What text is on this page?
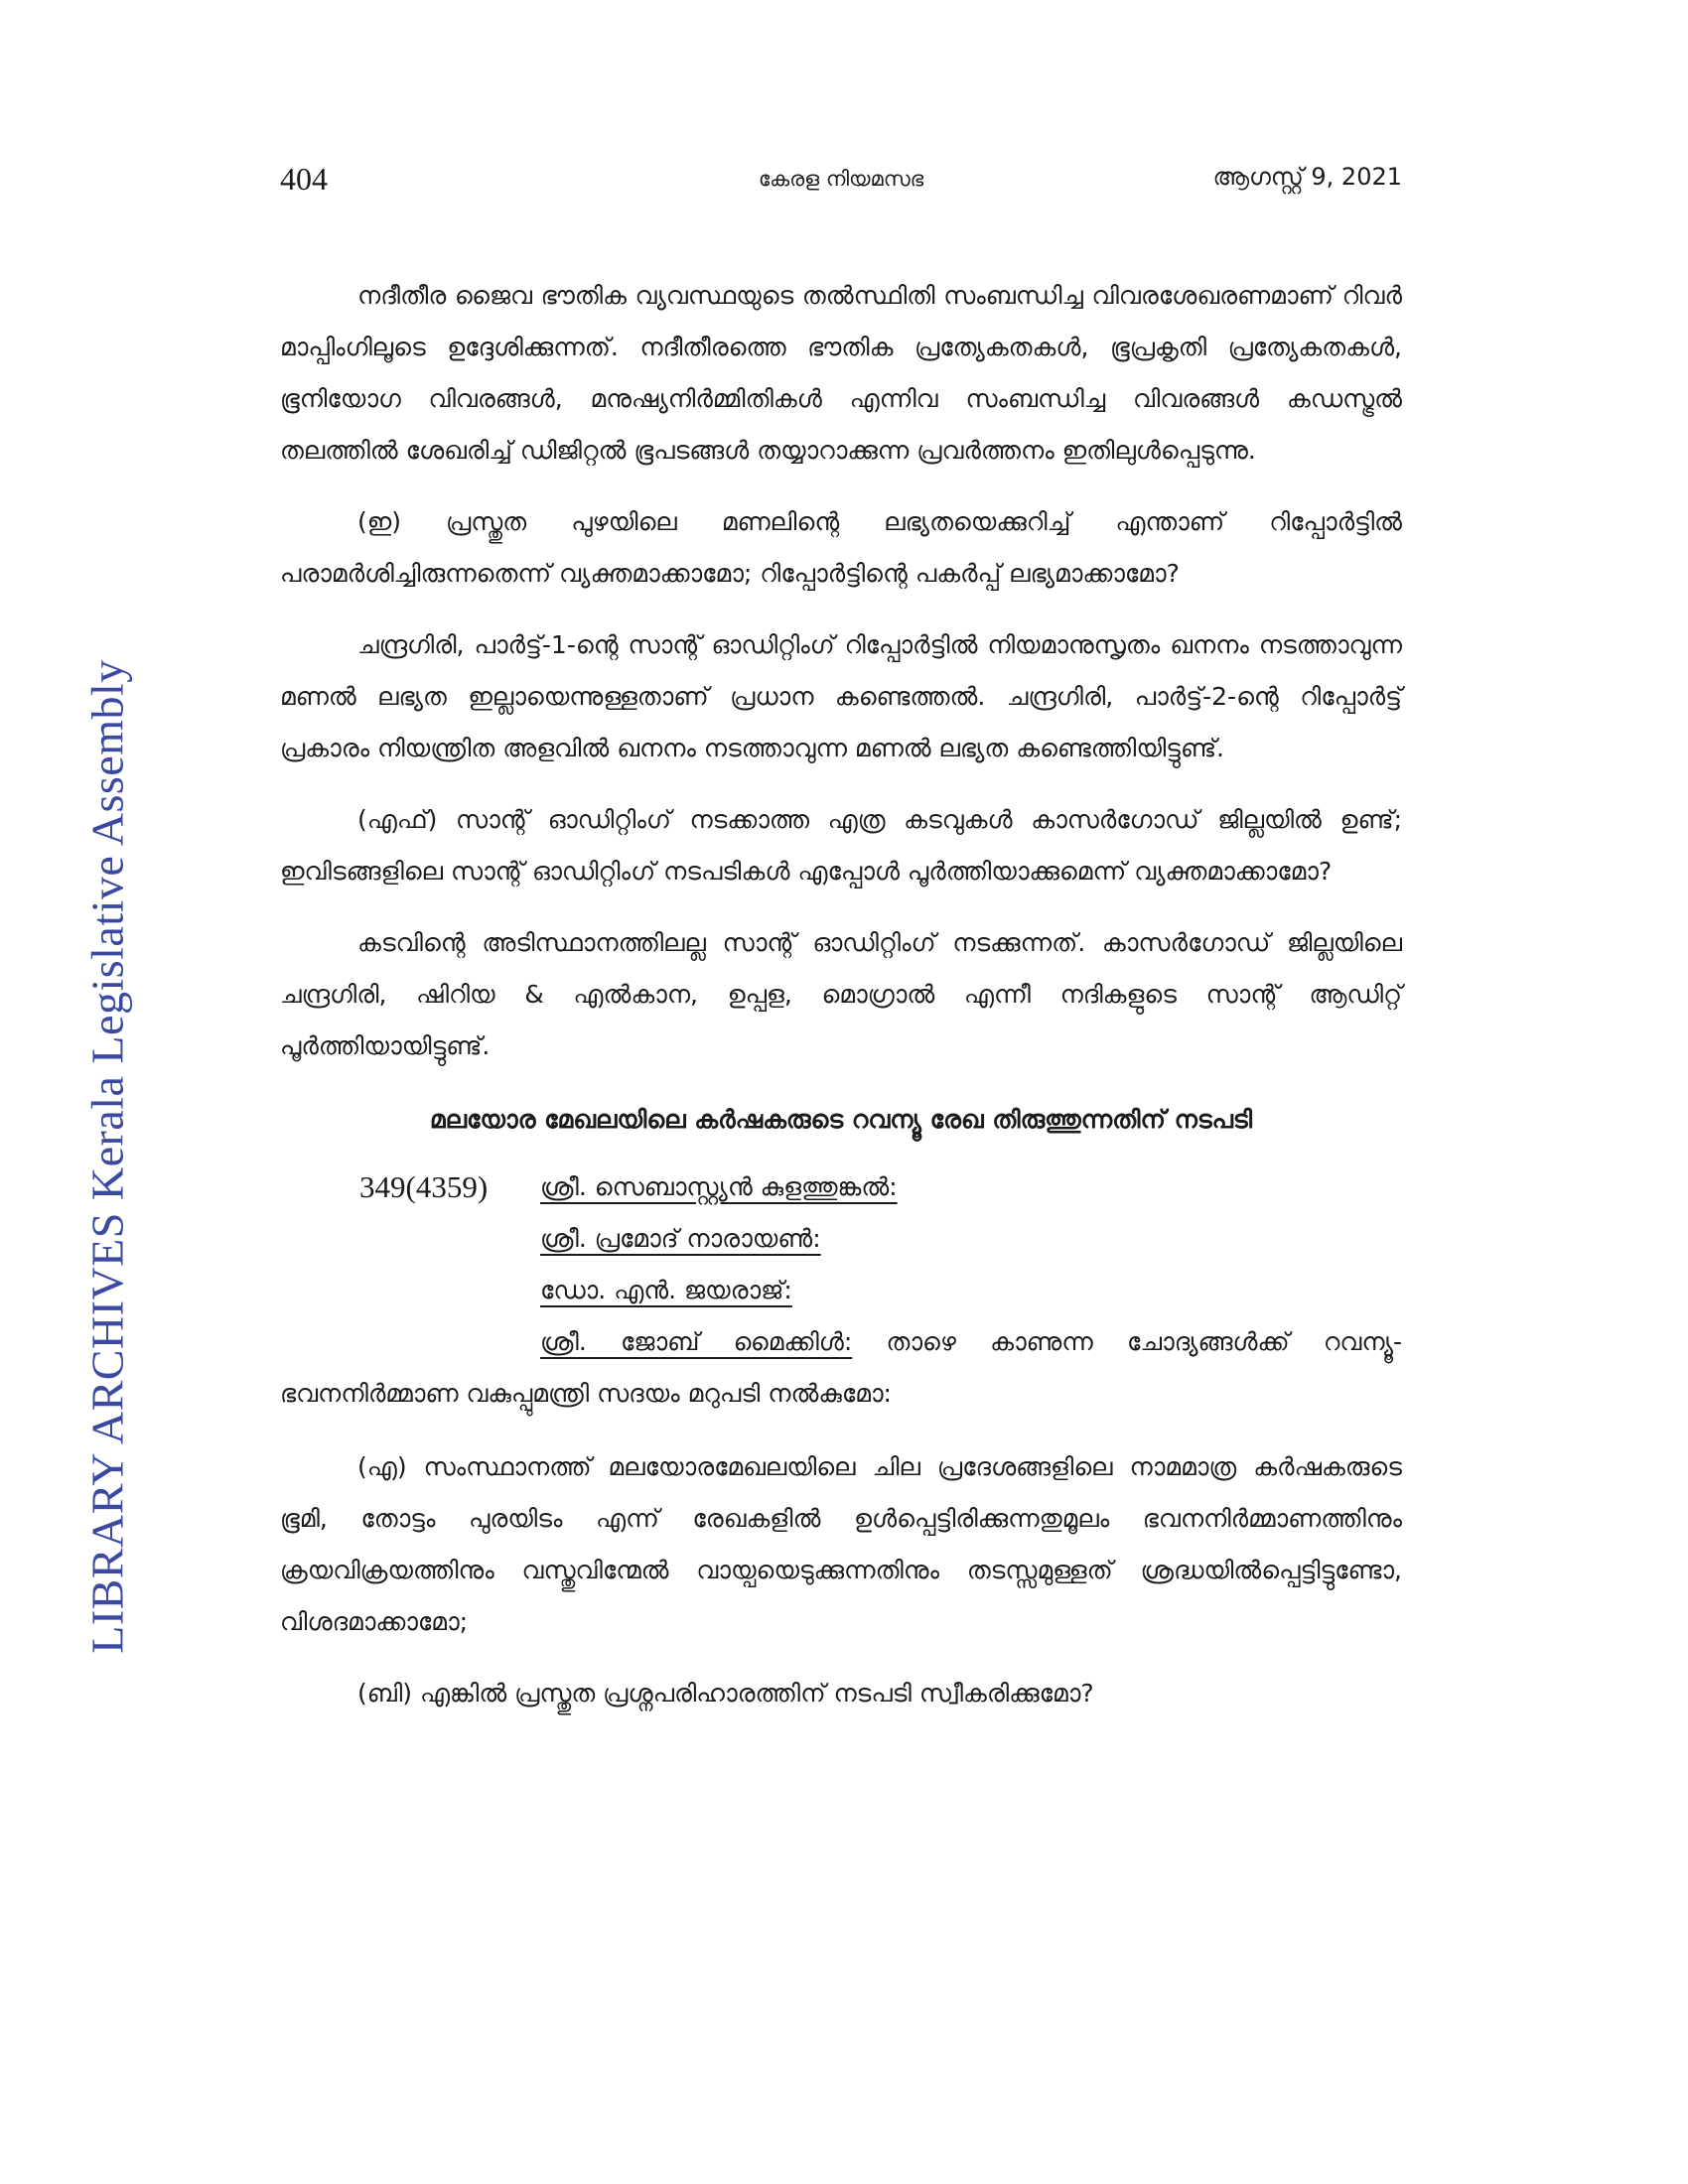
LIBRARY ARCHIVES Kerala Legislative Assembly
404	കേരള നിയമസഭ	ആഗസ്റ്റ് 9, 2021

നദീതീര ജൈവ ഭൗതിക വ്യവസ്ഥയുടെ തൽസ്ഥിതി സംബന്ധിച്ച വിവരശേഖരണമാണ് റിവർ മാപ്പിംഗിലൂടെ ഉദ്ദേശിക്കുന്നത്. നദീതീരത്തെ ഭൗതിക പ്രത്യേകതകൾ, ഭൂപ്രകൃതി പ്രത്യേകതകൾ, ഭൂനിയോഗ വിവരങ്ങൾ, മനുഷ്യനിർമ്മിതികൾ എന്നിവ സംബന്ധിച്ച വിവരങ്ങൾ കഡസ്ട്രൽ തലത്തിൽ ശേഖരിച്ച് ഡിജിറ്റൽ ഭൂപടങ്ങൾ തയ്യാറാക്കുന്ന പ്രവർത്തനം ഇതിലുൾപ്പെടുന്നു.

(ഇ) പ്രസ്തുത പുഴയിലെ മണലിന്റെ ലഭ്യതയെക്കുറിച്ച് എന്താണ് റിപ്പോർട്ടിൽ പരാമർശിച്ചിരുന്നതെന്ന് വ്യക്തമാക്കാമോ; റിപ്പോർട്ടിന്റെ പകർപ്പ് ലഭ്യമാക്കാമോ?

ചന്ദ്രഗിരി, പാർട്ട്-1-ന്റെ സാന്റ് ഓഡിറ്റിംഗ് റിപ്പോർട്ടിൽ നിയമാനുസൃതം ഖനനം നടത്താവുന്ന മണൽ ലഭ്യത ഇല്ലായെന്നുള്ളതാണ് പ്രധാന കണ്ടെത്തൽ. ചന്ദ്രഗിരി, പാർട്ട്-2-ന്റെ റിപ്പോർട്ട് പ്രകാരം നിയന്ത്രിത അളവിൽ ഖനനം നടത്താവുന്ന മണൽ ലഭ്യത കണ്ടെത്തിയിട്ടുണ്ട്.

(എഫ്) സാന്റ് ഓഡിറ്റിംഗ് നടക്കാത്ത എത്ര കടവുകൾ കാസർഗോഡ് ജില്ലയിൽ ഉണ്ട്; ഇവിടങ്ങളിലെ സാന്റ് ഓഡിറ്റിംഗ് നടപടികൾ എപ്പോൾ പൂർത്തിയാക്കുമെന്ന് വ്യക്തമാക്കാമോ?

കടവിന്റെ അടിസ്ഥാനത്തിലല്ല സാന്റ് ഓഡിറ്റിംഗ് നടക്കുന്നത്. കാസർഗോഡ് ജില്ലയിലെ ചന്ദ്രഗിരി, ഷിറിയ & എൽകാന, ഉപ്പള, മൊഗ്രാൽ എന്നീ നദികളുടെ സാന്റ് ആഡിറ്റ് പൂർത്തിയായിട്ടുണ്ട്.

മലയോര മേഖലയിലെ കർഷകരുടെ റവന്യൂ രേഖ തിരുത്തുന്നതിന് നടപടി
349(4359) ശ്രീ. സെബാസ്റ്റ്യൻ കുളത്തുങ്കൽ:
ശ്രീ. പ്രമോദ് നാരായൺ:
ഡോ. എൻ. ജയരാജ്:

ശ്രീ. ജോബ് മൈക്കിൾ: താഴെ കാണുന്ന ചോദ്യങ്ങൾക്ക് റവന്യൂ-ഭവനനിർമ്മാണ വകുപ്പുമന്ത്രി സദയം മറുപടി നൽകുമോ:

(എ) സംസ്ഥാനത്ത് മലയോരമേഖലയിലെ ചില പ്രദേശങ്ങളിലെ നാമമാത്ര കർഷകരുടെ ഭൂമി, തോട്ടം പുരയിടം എന്ന് രേഖകളിൽ ഉൾപ്പെട്ടിരിക്കുന്നതുമൂലം ഭവനനിർമ്മാണത്തിനും ക്രയവിക്രയത്തിനും വസ്തുവിന്മേൽ വായ്പയെടുക്കുന്നതിനും തടസ്സമുള്ളത് ശ്രദ്ധയിൽപ്പെട്ടിട്ടുണ്ടോ, വിശദമാക്കാമോ;

(ബി) എങ്കിൽ പ്രസ്തുത പ്രശ്നപരിഹാരത്തിന് നടപടി സ്വീകരിക്കുമോ?
